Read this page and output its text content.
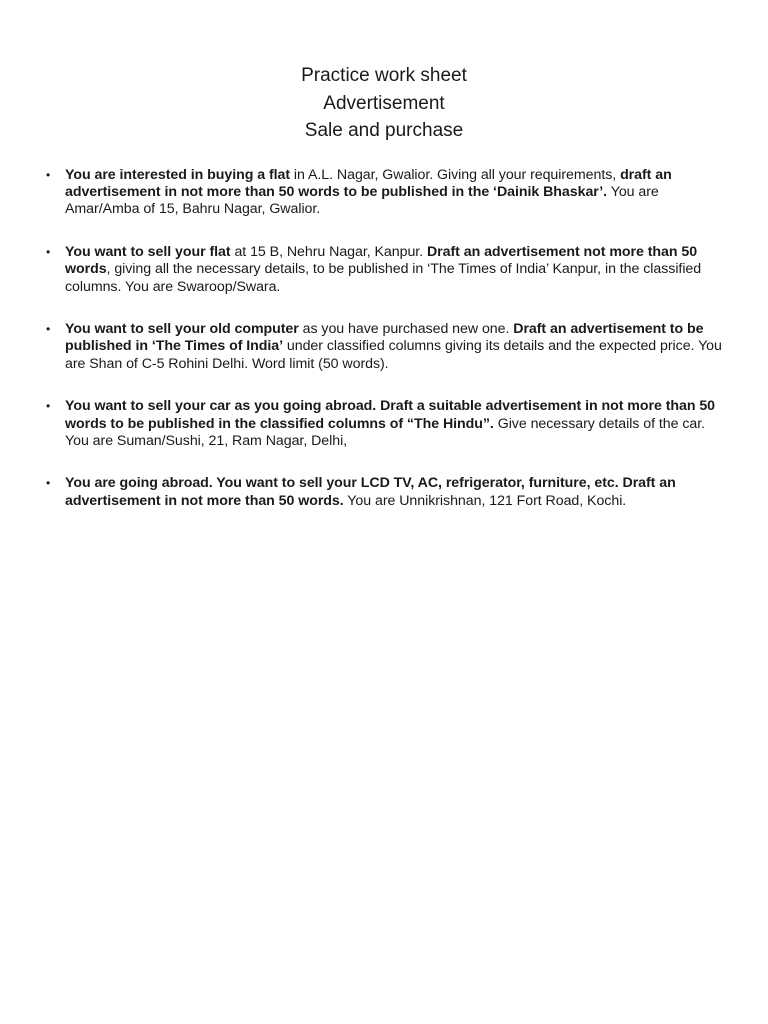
Practice work sheet
Advertisement
Sale and purchase
• You are interested in buying a flat in A.L. Nagar, Gwalior. Giving all your requirements, draft an advertisement in not more than 50 words to be published in the ‘Dainik Bhaskar’. You are Amar/Amba of 15, Bahru Nagar, Gwalior.
• You want to sell your flat at 15 B, Nehru Nagar, Kanpur. Draft an advertisement not more than 50 words, giving all the necessary details, to be published in ‘The Times of India’ Kanpur, in the classified columns. You are Swaroop/Swara.
• You want to sell your old computer as you have purchased new one. Draft an advertisement to be published in ‘The Times of India’ under classified columns giving its details and the expected price. You are Shan of C-5 Rohini Delhi. Word limit (50 words).
• You want to sell your car as you going abroad. Draft a suitable advertisement in not more than 50 words to be published in the classified columns of “The Hindu”. Give necessary details of the car. You are Suman/Sushi, 21, Ram Nagar, Delhi,
• You are going abroad. You want to sell your LCD TV, AC, refrigerator, furniture, etc. Draft an advertisement in not more than 50 words. You are Unnikrishnan, 121 Fort Road, Kochi.
